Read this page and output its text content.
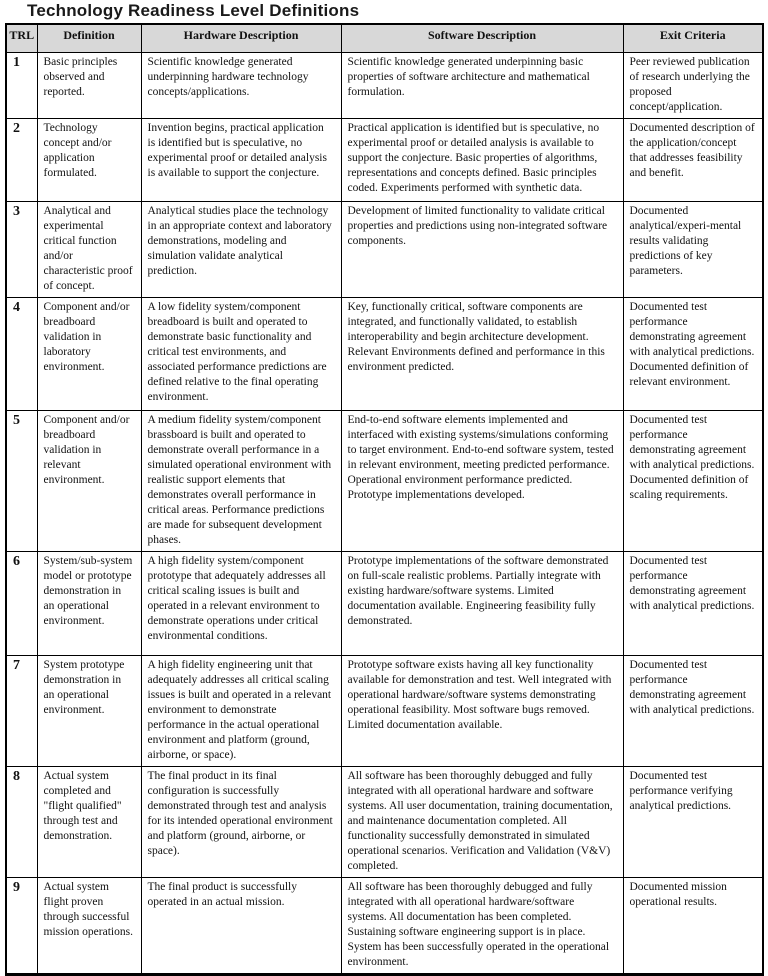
Technology Readiness Level Definitions
TRL	Definition	Hardware Description	Software Description	Exit Criteria
1	Basic principles observed and reported.	Scientific knowledge generated underpinning hardware technology concepts/applications.	Scientific knowledge generated underpinning basic properties of software architecture and mathematical formulation.	Peer reviewed publication of research underlying the proposed concept/application.
2	Technology concept and/or application formulated.	Invention begins, practical application is identified but is speculative, no experimental proof or detailed analysis is available to support the conjecture.	Practical application is identified but is speculative, no experimental proof or detailed analysis is available to support the conjecture. Basic properties of algorithms, representations and concepts defined. Basic principles coded. Experiments performed with synthetic data.	Documented description of the application/concept that addresses feasibility and benefit.
3	Analytical and experimental critical function and/or characteristic proof of concept.	Analytical studies place the technology in an appropriate context and laboratory demonstrations, modeling and simulation validate analytical prediction.	Development of limited functionality to validate critical properties and predictions using non-integrated software components.	Documented analytical/experi-mental results validating predictions of key parameters.
4	Component and/or breadboard validation in laboratory environment.	A low fidelity system/component breadboard is built and operated to demonstrate basic functionality and critical test environments, and associated performance predictions are defined relative to the final operating environment.	Key, functionally critical, software components are integrated, and functionally validated, to establish interoperability and begin architecture development. Relevant Environments defined and performance in this environment predicted.	Documented test performance demonstrating agreement with analytical predictions. Documented definition of relevant environment.
5	Component and/or breadboard validation in relevant environment.	A medium fidelity system/component brassboard is built and operated to demonstrate overall performance in a simulated operational environment with realistic support elements that demonstrates overall performance in critical areas. Performance predictions are made for subsequent development phases.	End-to-end software elements implemented and interfaced with existing systems/simulations conforming to target environment. End-to-end software system, tested in relevant environment, meeting predicted performance. Operational environment performance predicted. Prototype implementations developed.	Documented test performance demonstrating agreement with analytical predictions. Documented definition of scaling requirements.
6	System/sub-system model or prototype demonstration in an operational environment.	A high fidelity system/component prototype that adequately addresses all critical scaling issues is built and operated in a relevant environment to demonstrate operations under critical environmental conditions.	Prototype implementations of the software demonstrated on full-scale realistic problems. Partially integrate with existing hardware/software systems. Limited documentation available. Engineering feasibility fully demonstrated.	Documented test performance demonstrating agreement with analytical predictions.
7	System prototype demonstration in an operational environment.	A high fidelity engineering unit that adequately addresses all critical scaling issues is built and operated in a relevant environment to demonstrate performance in the actual operational environment and platform (ground, airborne, or space).	Prototype software exists having all key functionality available for demonstration and test. Well integrated with operational hardware/software systems demonstrating operational feasibility. Most software bugs removed. Limited documentation available.	Documented test performance demonstrating agreement with analytical predictions.
8	Actual system completed and "flight qualified" through test and demonstration.	The final product in its final configuration is successfully demonstrated through test and analysis for its intended operational environment and platform (ground, airborne, or space).	All software has been thoroughly debugged and fully integrated with all operational hardware and software systems. All user documentation, training documentation, and maintenance documentation completed. All functionality successfully demonstrated in simulated operational scenarios. Verification and Validation (V&V) completed.	Documented test performance verifying analytical predictions.
9	Actual system flight proven through successful mission operations.	The final product is successfully operated in an actual mission.	All software has been thoroughly debugged and fully integrated with all operational hardware/software systems. All documentation has been completed. Sustaining software engineering support is in place. System has been successfully operated in the operational environment.	Documented mission operational results.
